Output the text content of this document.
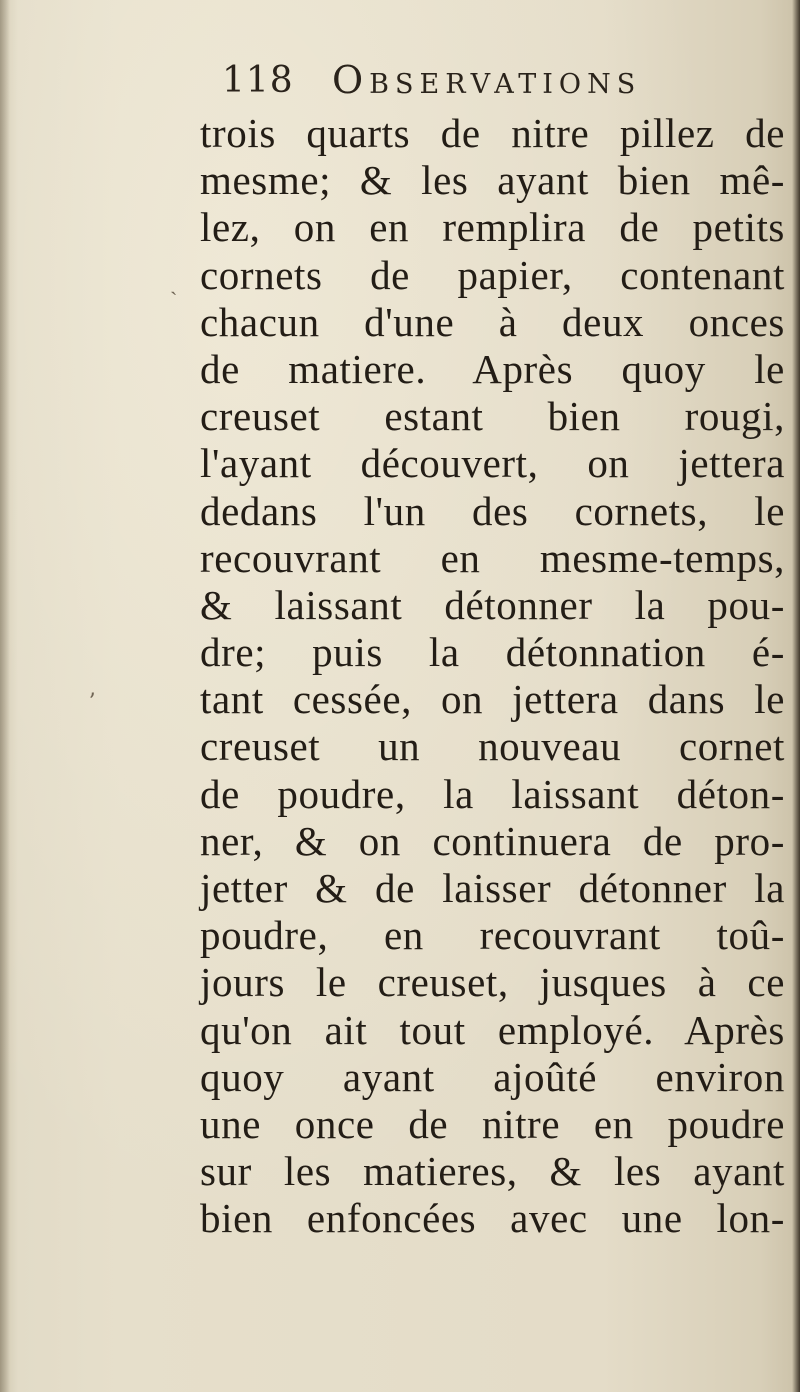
118 Observations
ˎ
ʼ
trois quarts de nitre pillez de
mesme; & les ayant bien mê-
lez, on en remplira de petits
cornets de papier, contenant
chacun d'une à deux onces
de matiere. Après quoy le
creuset estant bien rougi,
l'ayant découvert, on jettera
dedans l'un des cornets, le
recouvrant en mesme-temps,
& laissant détonner la pou-
dre; puis la détonnation é-
tant cessée, on jettera dans le
creuset un nouveau cornet
de poudre, la laissant déton-
ner, & on continuera de pro-
jetter & de laisser détonner la
poudre, en recouvrant toû-
jours le creuset, jusques à ce
qu'on ait tout employé. Après
quoy ayant ajoûté environ
une once de nitre en poudre
sur les matieres, & les ayant
bien enfoncées avec une lon-
